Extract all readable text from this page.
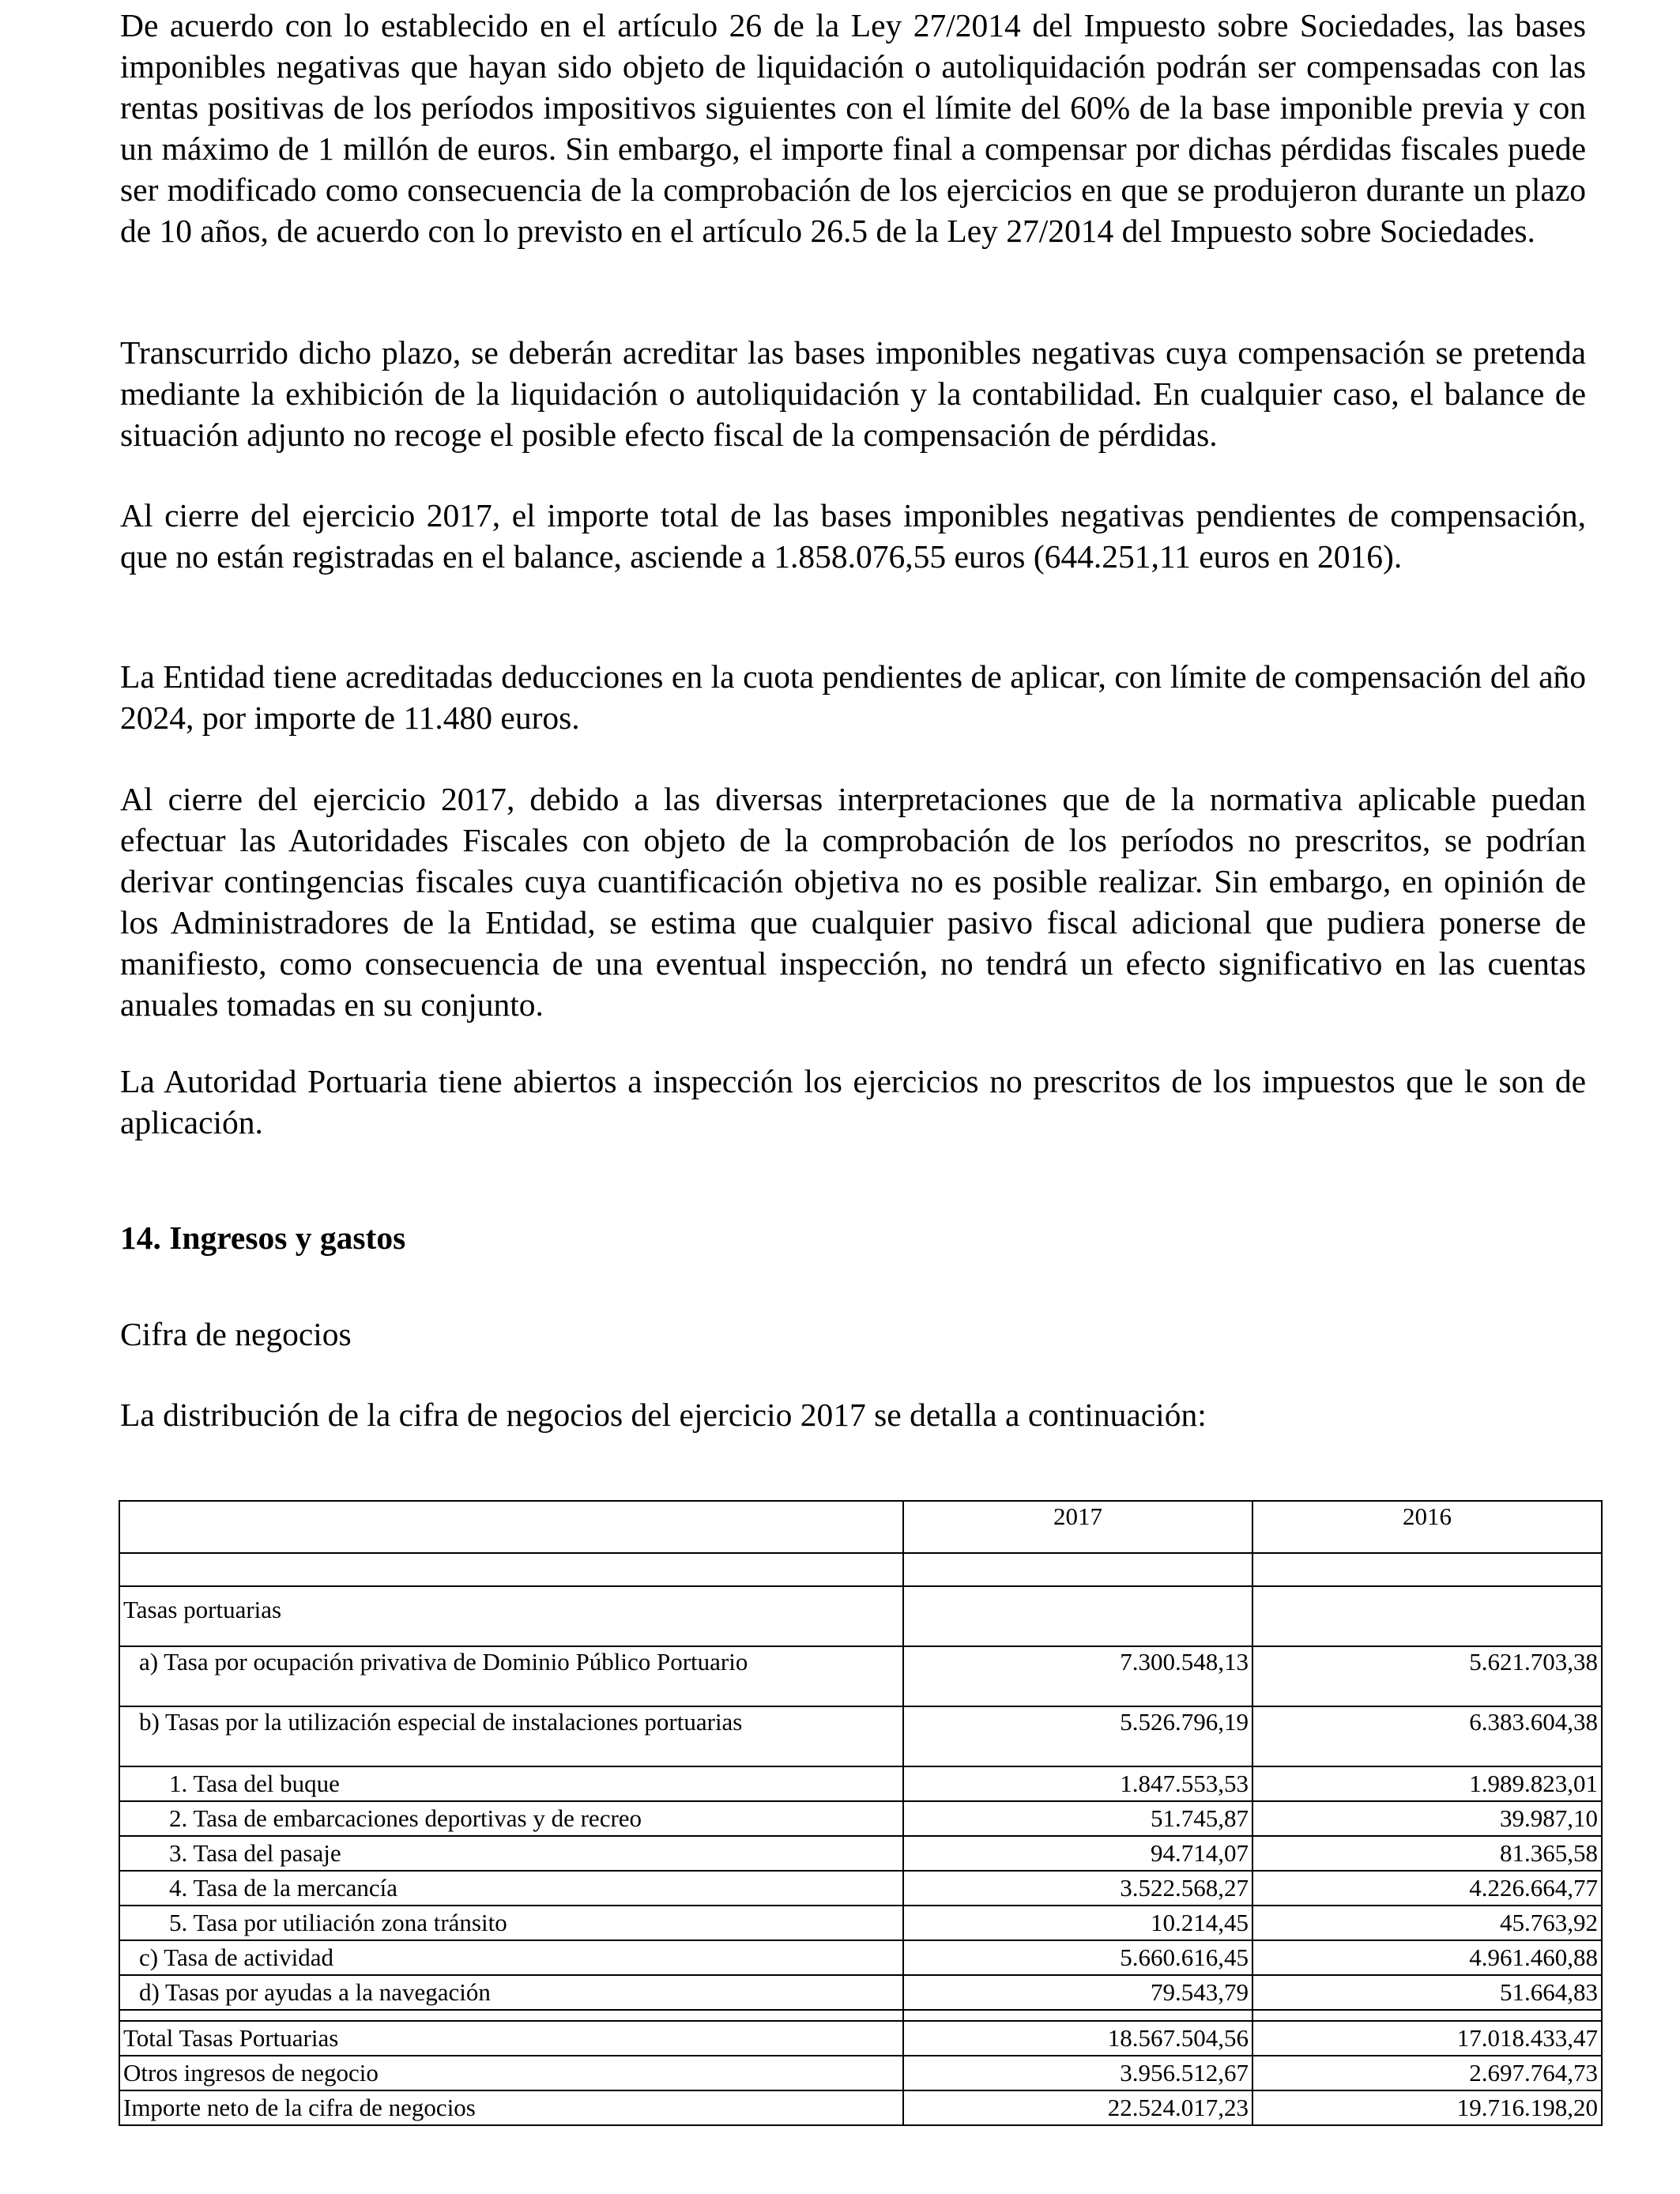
De acuerdo con lo establecido en el artículo 26 de la Ley 27/2014 del Impuesto sobre Sociedades, las bases imponibles negativas que hayan sido objeto de liquidación o autoliquidación podrán ser compensadas con las rentas positivas de los períodos impositivos siguientes con el límite del 60% de la base imponible previa y con un máximo de 1 millón de euros. Sin embargo, el importe final a compensar por dichas pérdidas fiscales puede ser modificado como consecuencia de la comprobación de los ejercicios en que se produjeron durante un plazo de 10 años, de acuerdo con lo previsto en el artículo 26.5 de la Ley 27/2014 del Impuesto sobre Sociedades.

Transcurrido dicho plazo, se deberán acreditar las bases imponibles negativas cuya compensación se pretenda mediante la exhibición de la liquidación o autoliquidación y la contabilidad. En cualquier caso, el balance de situación adjunto no recoge el posible efecto fiscal de la compensación de pérdidas.

Al cierre del ejercicio 2017, el importe total de las bases imponibles negativas pendientes de compensación, que no están registradas en el balance, asciende a 1.858.076,55 euros (644.251,11 euros en 2016).

La Entidad tiene acreditadas deducciones en la cuota pendientes de aplicar, con límite de compensación del año 2024, por importe de 11.480 euros.

Al cierre del ejercicio 2017, debido a las diversas interpretaciones que de la normativa aplicable puedan efectuar las Autoridades Fiscales con objeto de la comprobación de los períodos no prescritos, se podrían derivar contingencias fiscales cuya cuantificación objetiva no es posible realizar. Sin embargo, en opinión de los Administradores de la Entidad, se estima que cualquier pasivo fiscal adicional que pudiera ponerse de manifiesto, como consecuencia de una eventual inspección, no tendrá un efecto significativo en las cuentas anuales tomadas en su conjunto.

La Autoridad Portuaria tiene abiertos a inspección los ejercicios no prescritos de los impuestos que le son de aplicación.

14. Ingresos y gastos

Cifra de negocios

La distribución de la cifra de negocios del ejercicio 2017 se detalla a continuación:

	2017	2016

Tasas portuarias		
a) Tasa por ocupación privativa de Dominio Público Portuario	7.300.548,13	5.621.703,38
b) Tasas por la utilización especial de instalaciones portuarias	5.526.796,19	6.383.604,38
1. Tasa del buque	1.847.553,53	1.989.823,01
2. Tasa de embarcaciones deportivas y de recreo	51.745,87	39.987,10
3. Tasa del pasaje	94.714,07	81.365,58
4. Tasa de la mercancía	3.522.568,27	4.226.664,77
5. Tasa por utiliación zona tránsito	10.214,45	45.763,92
c) Tasa de actividad	5.660.616,45	4.961.460,88
d) Tasas por ayudas a la navegación	79.543,79	51.664,83

Total Tasas Portuarias	18.567.504,56	17.018.433,47
Otros ingresos de negocio	3.956.512,67	2.697.764,73
Importe neto de la cifra de negocios	22.524.017,23	19.716.198,20
